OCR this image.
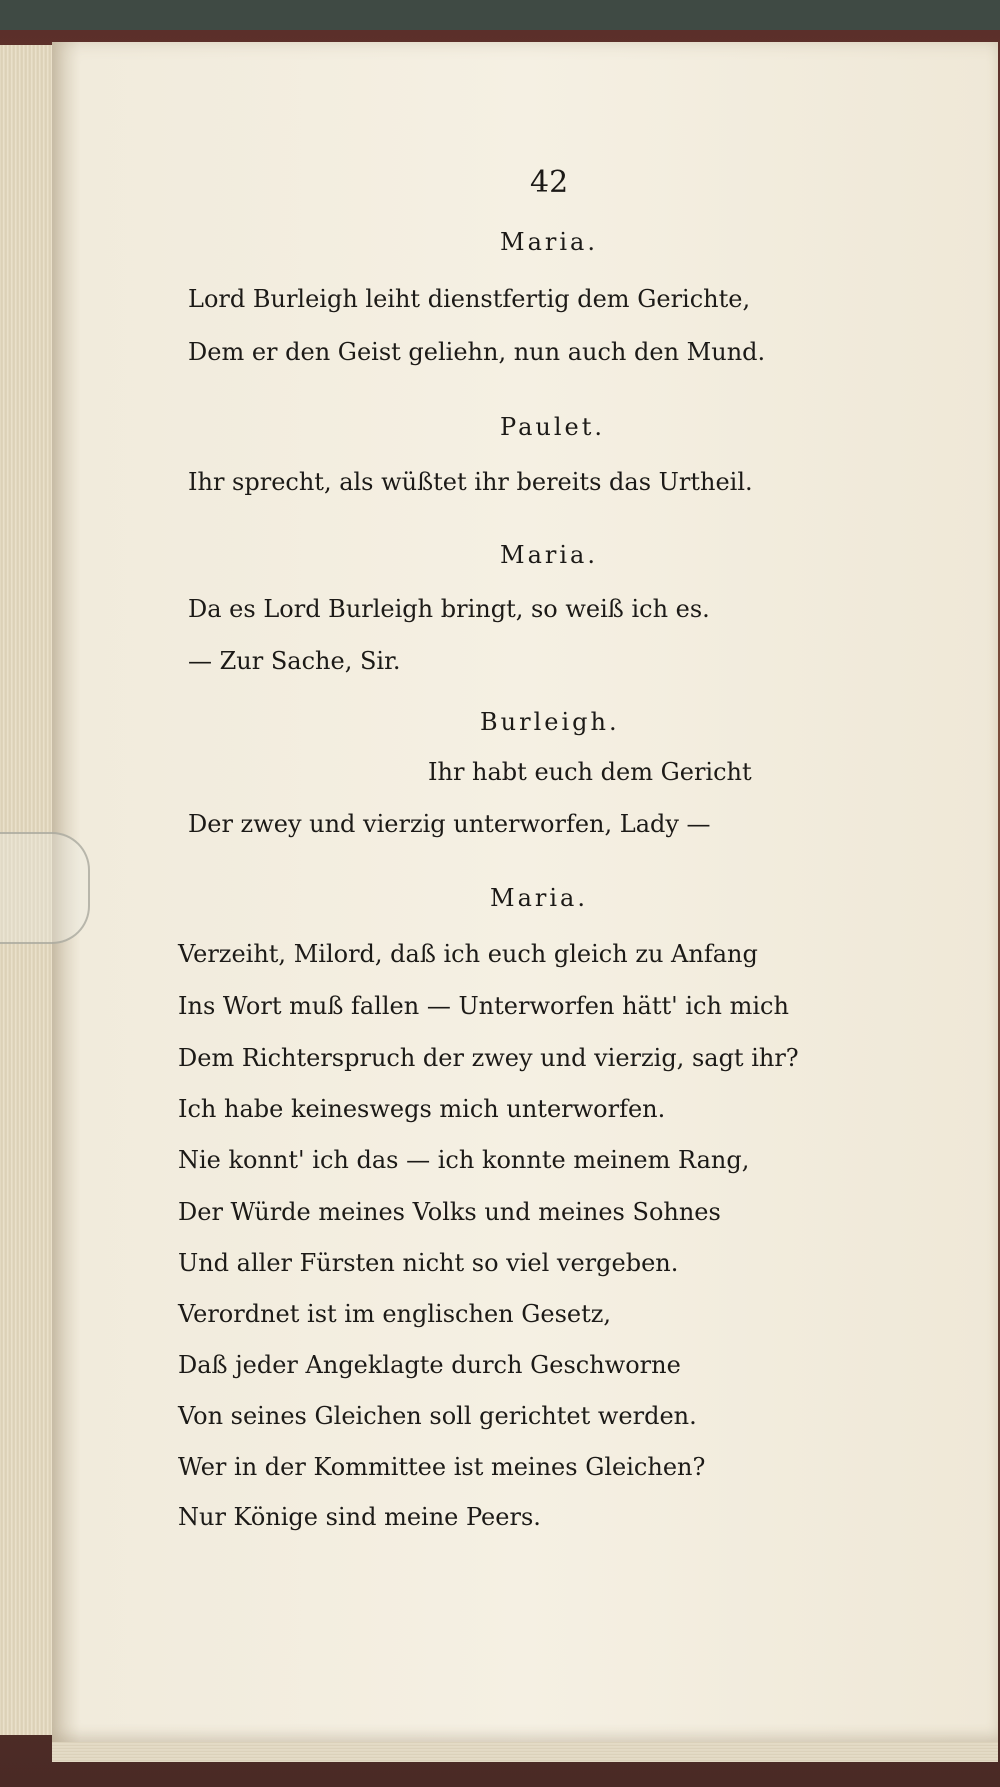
42

Maria.

Lord Burleigh leiht dienstfertig dem Gerichte,

Dem er den Geist geliehn, nun auch den Mund.

Paulet.

Ihr sprecht, als wüßtet ihr bereits das Urtheil.

Maria.

Da es Lord Burleigh bringt, so weiß ich es.

— Zur Sache, Sir.

Burleigh.

Ihr habt euch dem Gericht

Der zwey und vierzig unterworfen, Lady —

Maria.

Verzeiht, Milord, daß ich euch gleich zu Anfang

Ins Wort muß fallen — Unterworfen hätt' ich mich

Dem Richterspruch der zwey und vierzig, sagt ihr?

Ich habe keineswegs mich unterworfen.

Nie konnt' ich das — ich konnte meinem Rang,

Der Würde meines Volks und meines Sohnes

Und aller Fürsten nicht so viel vergeben.

Verordnet ist im englischen Gesetz,

Daß jeder Angeklagte durch Geschworne

Von seines Gleichen soll gerichtet werden.

Wer in der Kommittee ist meines Gleichen?

Nur Könige sind meine Peers.
